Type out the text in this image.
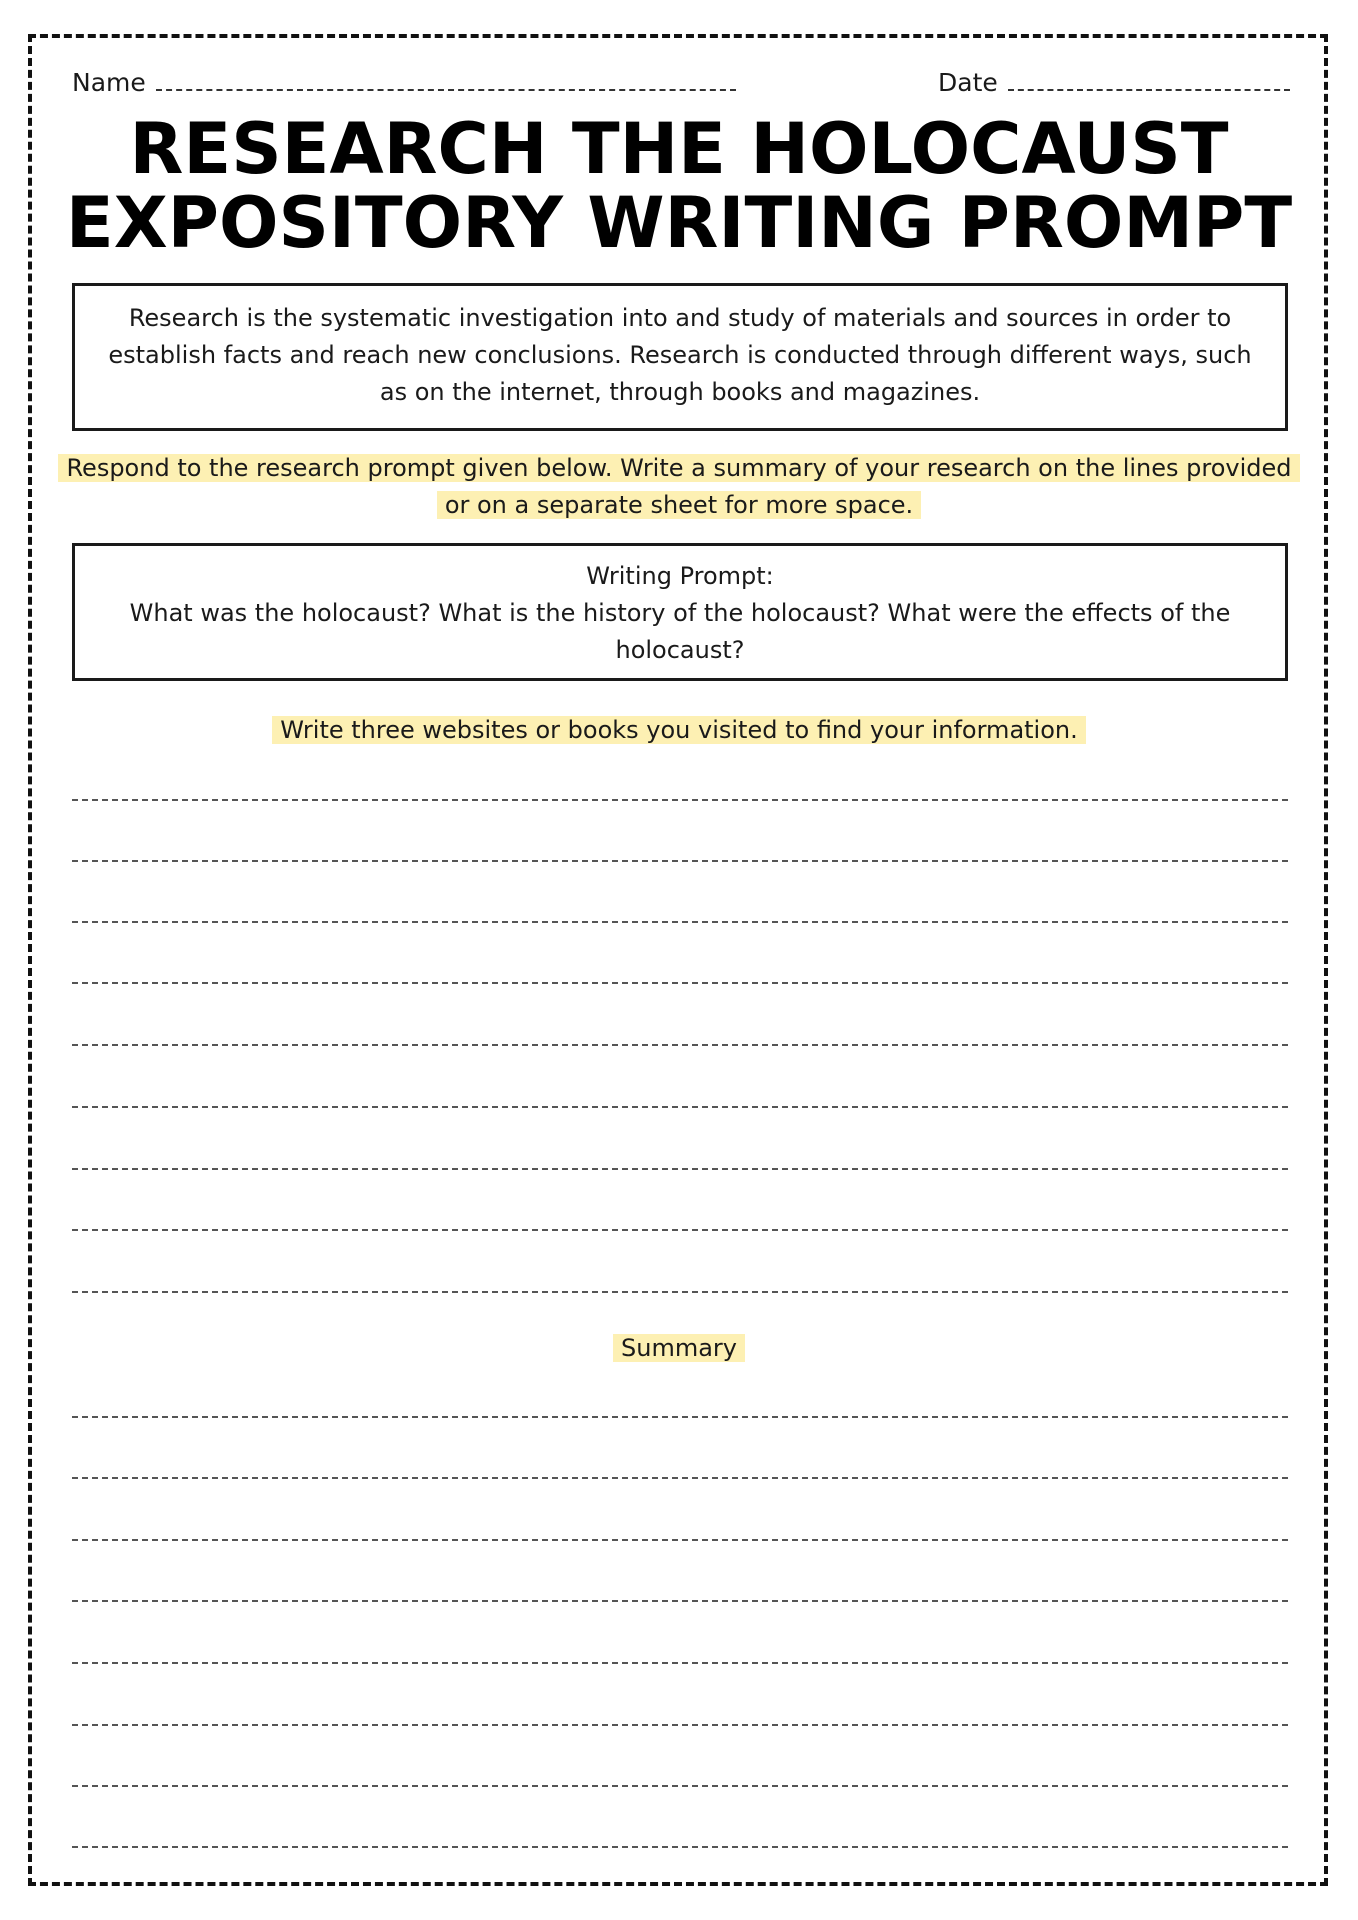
Name	Date
RESEARCH THE HOLOCAUST
EXPOSITORY WRITING PROMPT
Research is the systematic investigation into and study of materials and sources in order to establish facts and reach new conclusions. Research is conducted through different ways, such as on the internet, through books and magazines.
Respond to the research prompt given below. Write a summary of your research on the lines provided
or on a separate sheet for more space.
Writing Prompt:
What was the holocaust? What is the history of the holocaust? What were the effects of the holocaust?
Write three websites or books you visited to find your information.
Summary
